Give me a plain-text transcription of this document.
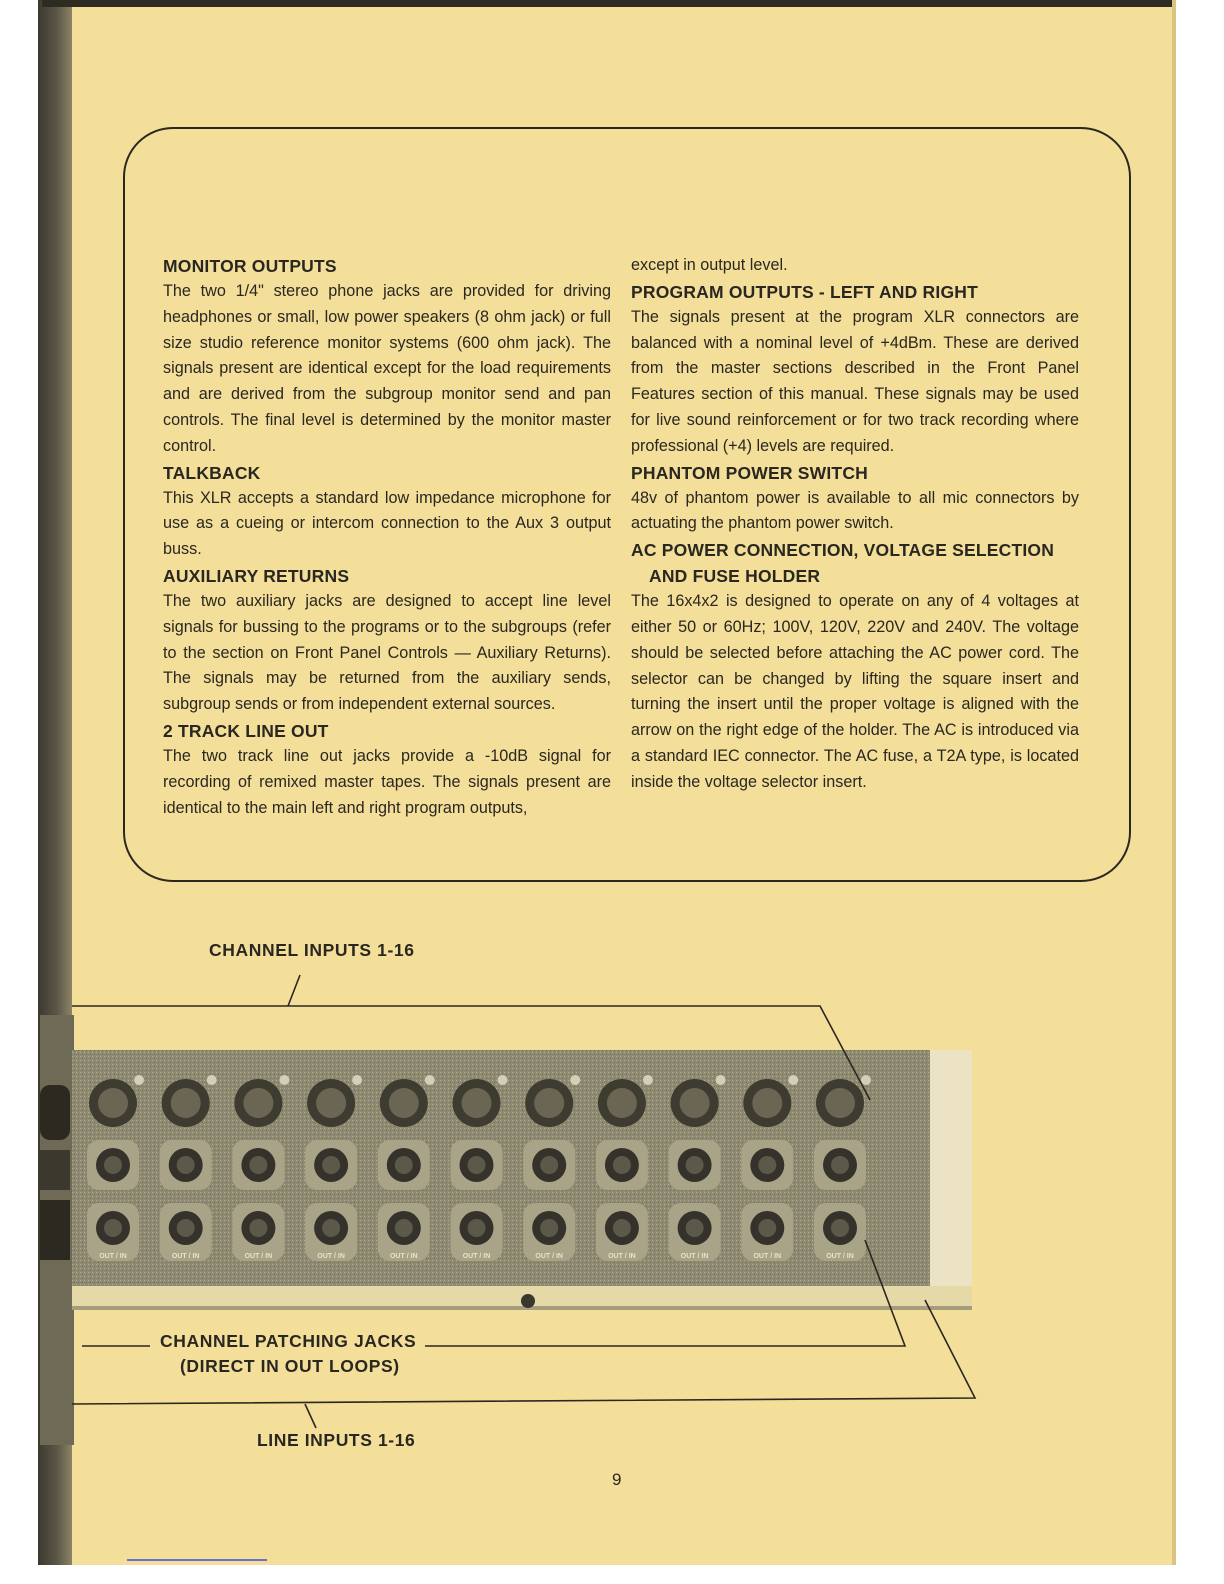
MONITOR OUTPUTS

The two 1/4" stereo phone jacks are provided for driving headphones or small, low power speakers (8 ohm jack) or full size studio reference monitor systems (600 ohm jack). The signals present are identical except for the load requirements and are derived from the subgroup monitor send and pan controls. The final level is determined by the monitor master control.

TALKBACK

This XLR accepts a standard low impedance microphone for use as a cueing or intercom connection to the Aux 3 output buss.

AUXILIARY RETURNS

The two auxiliary jacks are designed to accept line level signals for bussing to the programs or to the subgroups (refer to the section on Front Panel Controls — Auxiliary Returns). The signals may be returned from the auxiliary sends, subgroup sends or from independent external sources.

2 TRACK LINE OUT

The two track line out jacks provide a -10dB signal for recording of remixed master tapes. The signals present are identical to the main left and right program outputs,

except in output level.

PROGRAM OUTPUTS - LEFT AND RIGHT

The signals present at the program XLR connectors are balanced with a nominal level of +4dBm. These are derived from the master sections described in the Front Panel Features section of this manual. These signals may be used for live sound reinforcement or for two track recording where professional (+4) levels are required.

PHANTOM POWER SWITCH

48v of phantom power is available to all mic connectors by actuating the phantom power switch.

AC POWER CONNECTION, VOLTAGE SELECTION
AND FUSE HOLDER

The 16x4x2 is designed to operate on any of 4 voltages at either 50 or 60Hz; 100V, 120V, 220V and 240V. The voltage should be selected before attaching the AC power cord. The selector can be changed by lifting the square insert and turning the insert until the proper voltage is aligned with the arrow on the right edge of the holder. The AC is introduced via a standard IEC connector. The AC fuse, a T2A type, is located inside the voltage selector insert.

OUT / IN	OUT / IN	OUT / IN	OUT / IN	OUT / IN	OUT / IN	OUT / IN	OUT / IN	OUT / IN	OUT / IN	OUT / IN
CHANNEL INPUTS 1-16
CHANNEL PATCHING JACKS
(DIRECT IN OUT LOOPS)
LINE INPUTS 1-16
9
